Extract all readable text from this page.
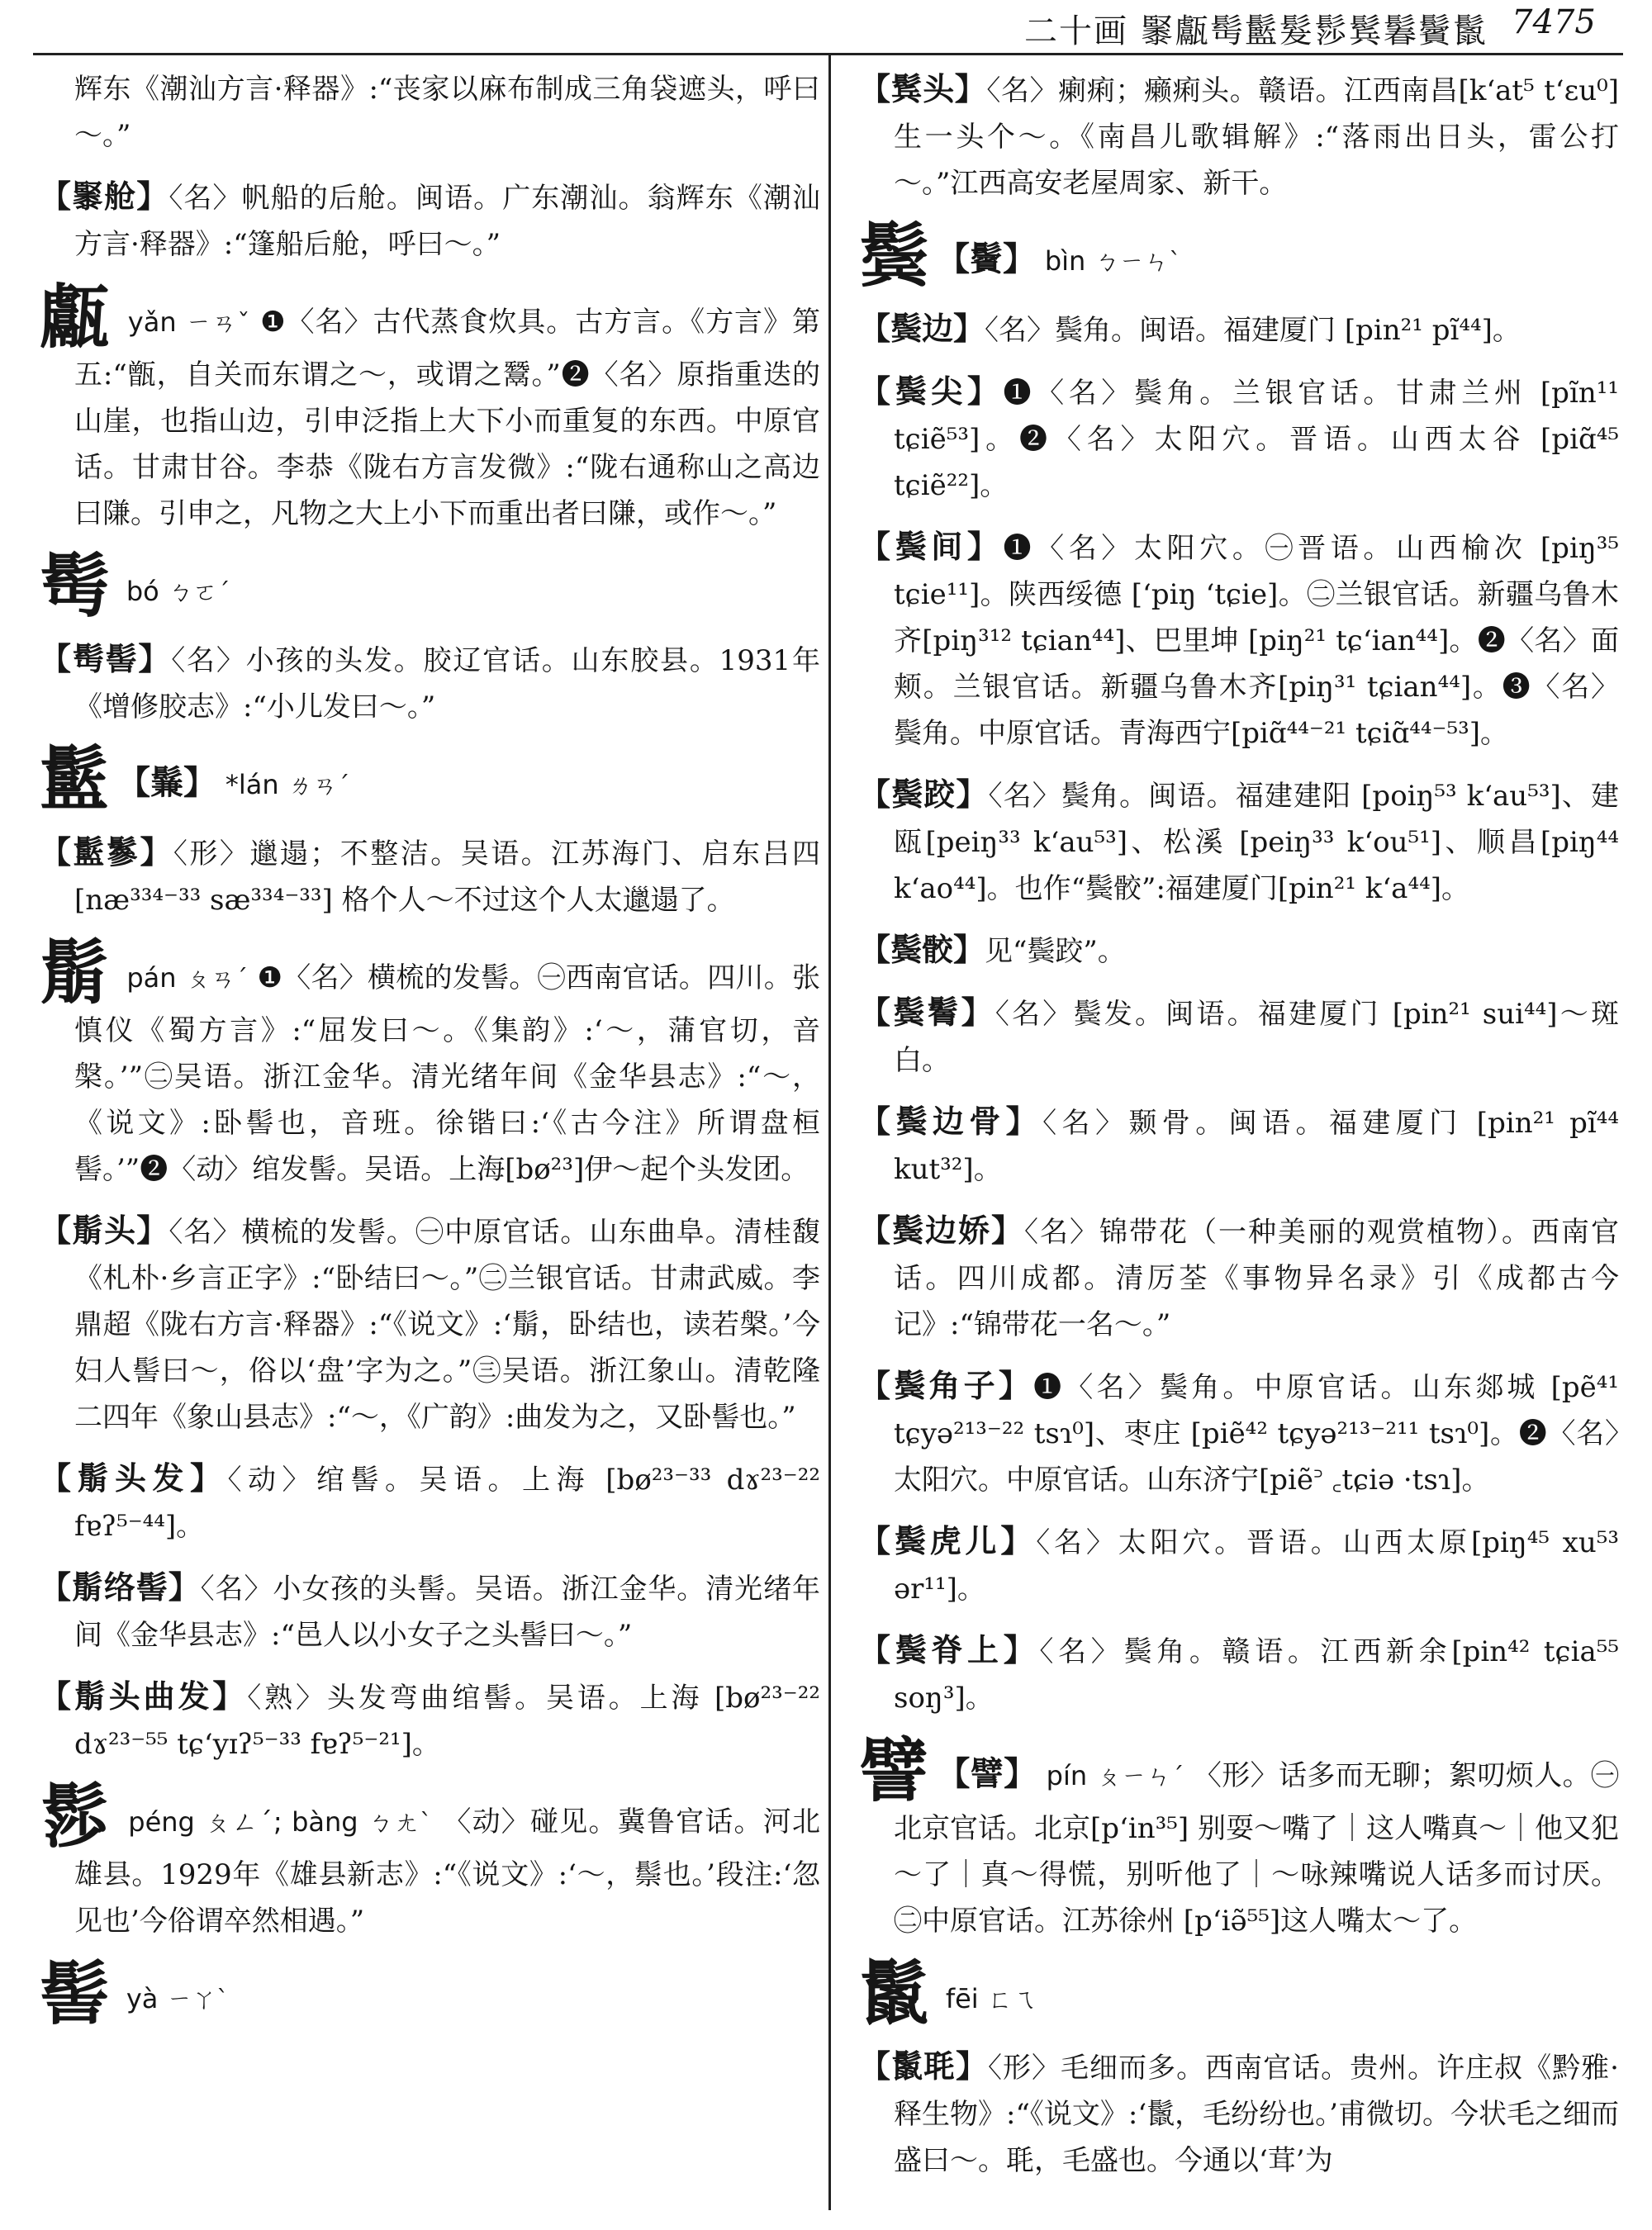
二十画 䵖甗髩䰐髮髿鬂鬊鬢鬛 7475

辉东《潮汕方言·释器》:“丧家以麻布制成三角袋遮头，呼曰～。”

【䵖舱】〈名〉帆船的后舱。闽语。广东潮汕。翁辉东《潮汕方言·释器》:“篷船后舱，呼曰～。”

甗 yǎn ㄧㄢˇ ❶〈名〉古代蒸食炊具。古方言。《方言》第五:“甑，自关而东谓之～，或谓之鬵。”❷〈名〉原指重迭的山崖，也指山边，引申泛指上大下小而重复的东西。中原官话。甘肃甘谷。李恭《陇右方言发微》:“陇右通称山之高边曰隒。引申之，凡物之大上小下而重出者曰隒，或作～。”

髩 bó ㄅㄛˊ

【髩髻】〈名〉小孩的头发。胶辽官话。山东胶县。1931年《增修胶志》:“小儿发曰～。”

䰐 【鬑】 *lán ㄌㄢˊ

【䰐鬖】〈形〉邋遢；不整洁。吴语。江苏海门、启东吕四 [næ³³⁴⁻³³ sæ³³⁴⁻³³] 格个人～不过这个人太邋遢了。

鬅 pán ㄆㄢˊ ❶〈名〉横梳的发髻。㊀西南官话。四川。张慎仪《蜀方言》:“屈发曰～。《集韵》:‘～，蒲官切，音槃。’”㊁吴语。浙江金华。清光绪年间《金华县志》:“～，《说文》:卧髻也，音班。徐锴曰:‘《古今注》所谓盘桓髻。’”❷〈动〉绾发髻。吴语。上海[bø²³]伊～起个头发团。

【鬅头】〈名〉横梳的发髻。㊀中原官话。山东曲阜。清桂馥《札朴·乡言正字》:“卧结曰～。”㊁兰银官话。甘肃武威。李鼎超《陇右方言·释器》:“《说文》:‘鬅，卧结也，读若槃。’今妇人髻曰～，俗以‘盘’字为之。”㊂吴语。浙江象山。清乾隆二四年《象山县志》:“～，《广韵》:曲发为之，又卧髻也。”

【鬅头发】〈动〉绾髻。吴语。上海 [bø²³⁻³³ dɤ²³⁻²² fɐʔ⁵⁻⁴⁴]。

【鬅络髻】〈名〉小女孩的头髻。吴语。浙江金华。清光绪年间《金华县志》:“邑人以小女子之头髻曰～。”

【鬅头曲发】〈熟〉头发弯曲绾髻。吴语。上海 [bø²³⁻²² dɤ²³⁻⁵⁵ tɕʻyɪʔ⁵⁻³³ fɐʔ⁵⁻²¹]。

髿 péng ㄆㄥˊ; bàng ㄅㄤˋ 〈动〉碰见。冀鲁官话。河北雄县。1929年《雄县新志》:“《说文》:‘～，鬃也。’段注:‘忽见也’今俗谓卒然相遇。”

髻 yà ㄧㄚˋ

【鬂头】〈名〉瘌痢；癞痢头。赣语。江西南昌[kʻat⁵ tʻɛu⁰] 生一头个～。《南昌儿歌辑解》:“落雨出日头，雷公打～。”江西高安老屋周家、新干。

鬓 【鬢】 bìn ㄅㄧㄣˋ

【鬓边】〈名〉鬓角。闽语。福建厦门 [pin²¹ pĩ⁴⁴]。

【鬓尖】❶〈名〉鬓角。兰银官话。甘肃兰州 [pĩn¹¹ tɕiẽ⁵³]。❷〈名〉太阳穴。晋语。山西太谷 [piɑ̃⁴⁵ tɕiẽ²²]。

【鬓间】❶〈名〉太阳穴。㊀晋语。山西榆次 [piŋ³⁵ tɕie¹¹]。陕西绥德 [ʻpiŋ ʻtɕie]。㊁兰银官话。新疆乌鲁木齐[piŋ³¹² tɕian⁴⁴]、巴里坤 [piŋ²¹ tɕʻian⁴⁴]。❷〈名〉面颊。兰银官话。新疆乌鲁木齐[piŋ³¹ tɕian⁴⁴]。❸〈名〉鬓角。中原官话。青海西宁[piɑ̃⁴⁴⁻²¹ tɕiɑ̃⁴⁴⁻⁵³]。

【鬓跤】〈名〉鬓角。闽语。福建建阳 [poiŋ⁵³ kʻau⁵³]、建瓯[peiŋ³³ kʻau⁵³]、松溪 [peiŋ³³ kʻou⁵¹]、顺昌[piŋ⁴⁴ kʻao⁴⁴]。也作“鬓骹”:福建厦门[pin²¹ kʻa⁴⁴]。

【鬓骹】见“鬓跤”。

【鬓鬌】〈名〉鬓发。闽语。福建厦门 [pin²¹ sui⁴⁴]～斑白。

【鬓边骨】〈名〉颞骨。闽语。福建厦门 [pin²¹ pĩ⁴⁴ kut³²]。

【鬓边娇】〈名〉锦带花（一种美丽的观赏植物）。西南官话。四川成都。清厉荃《事物异名录》引《成都古今记》:“锦带花一名～。”

【鬓角子】❶〈名〉鬓角。中原官话。山东郯城 [pẽ⁴¹ tɕyə²¹³⁻²² tsɿ⁰]、枣庄 [piẽ⁴² tɕyə²¹³⁻²¹¹ tsɿ⁰]。❷〈名〉太阳穴。中原官话。山东济宁[piẽ꜄ ꜀tɕiə ·tsɿ]。

【鬓虎儿】〈名〉太阳穴。晋语。山西太原[piŋ⁴⁵ xu⁵³ ər¹¹]。

【鬓脊上】〈名〉鬓角。赣语。江西新余[pin⁴² tɕia⁵⁵ soŋ³]。

譬 【譬】 pín ㄆㄧㄣˊ 〈形〉话多而无聊；絮叨烦人。㊀北京官话。北京[pʻin³⁵] 别耍～嘴了｜这人嘴真～｜他又犯～了｜真～得慌，别听他了｜～咏辣嘴说人话多而讨厌。㊁中原官话。江苏徐州 [pʻiə̃⁵⁵]这人嘴太～了。

鬛 fēi ㄈㄟ

【鬛毦】〈形〉毛细而多。西南官话。贵州。许庄叔《黔雅·释生物》:“《说文》:‘鬛，毛纷纷也。’甫微切。今状毛之细而盛曰～。毦，毛盛也。今通以‘茸’为
